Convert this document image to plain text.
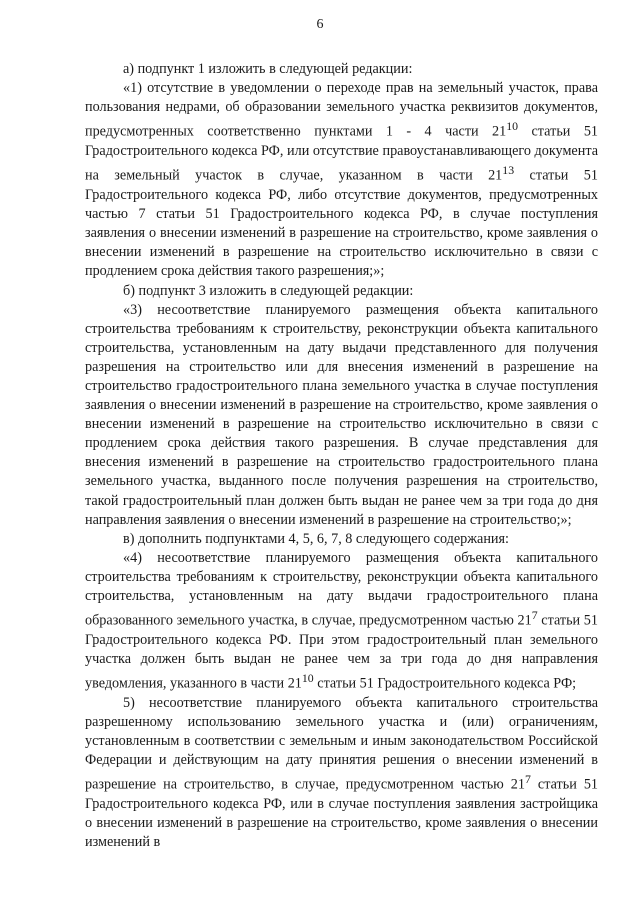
6

а) подпункт 1 изложить в следующей редакции:

«1) отсутствие в уведомлении о переходе прав на земельный участок, права пользования недрами, об образовании земельного участка реквизитов документов, предусмотренных соответственно пунктами 1 - 4 части $21^{10}$ статьи 51 Градостроительного кодекса РФ, или отсутствие правоустанавливающего документа на земельный участок в случае, указанном в части $21^{13}$ статьи 51 Градостроительного кодекса РФ, либо отсутствие документов, предусмотренных частью 7 статьи 51 Градостроительного кодекса РФ, в случае поступления заявления о внесении изменений в разрешение на строительство, кроме заявления о внесении изменений в разрешение на строительство исключительно в связи с продлением срока действия такого разрешения;»;

б) подпункт 3 изложить в следующей редакции:

«3) несоответствие планируемого размещения объекта капитального строительства требованиям к строительству, реконструкции объекта капитального строительства, установленным на дату выдачи представленного для получения разрешения на строительство или для внесения изменений в разрешение на строительство градостроительного плана земельного участка в случае поступления заявления о внесении изменений в разрешение на строительство, кроме заявления о внесении изменений в разрешение на строительство исключительно в связи с продлением срока действия такого разрешения. В случае представления для внесения изменений в разрешение на строительство градостроительного плана земельного участка, выданного после получения разрешения на строительство, такой градостроительный план должен быть выдан не ранее чем за три года до дня направления заявления о внесении изменений в разрешение на строительство;»;

в) дополнить подпунктами 4, 5, 6, 7, 8 следующего содержания:

«4) несоответствие планируемого размещения объекта капитального строительства требованиям к строительству, реконструкции объекта капитального строительства, установленным на дату выдачи градостроительного плана образованного земельного участка, в случае, предусмотренном частью $21^7$ статьи 51 Градостроительного кодекса РФ. При этом градостроительный план земельного участка должен быть выдан не ранее чем за три года до дня направления уведомления, указанного в части $21^{10}$ статьи 51 Градостроительного кодекса РФ;

5) несоответствие планируемого объекта капитального строительства разрешенному использованию земельного участка и (или) ограничениям, установленным в соответствии с земельным и иным законодательством Российской Федерации и действующим на дату принятия решения о внесении изменений в разрешение на строительство, в случае, предусмотренном частью $21^7$ статьи 51 Градостроительного кодекса РФ, или в случае поступления заявления застройщика о внесении изменений в разрешение на строительство, кроме заявления о внесении изменений в
